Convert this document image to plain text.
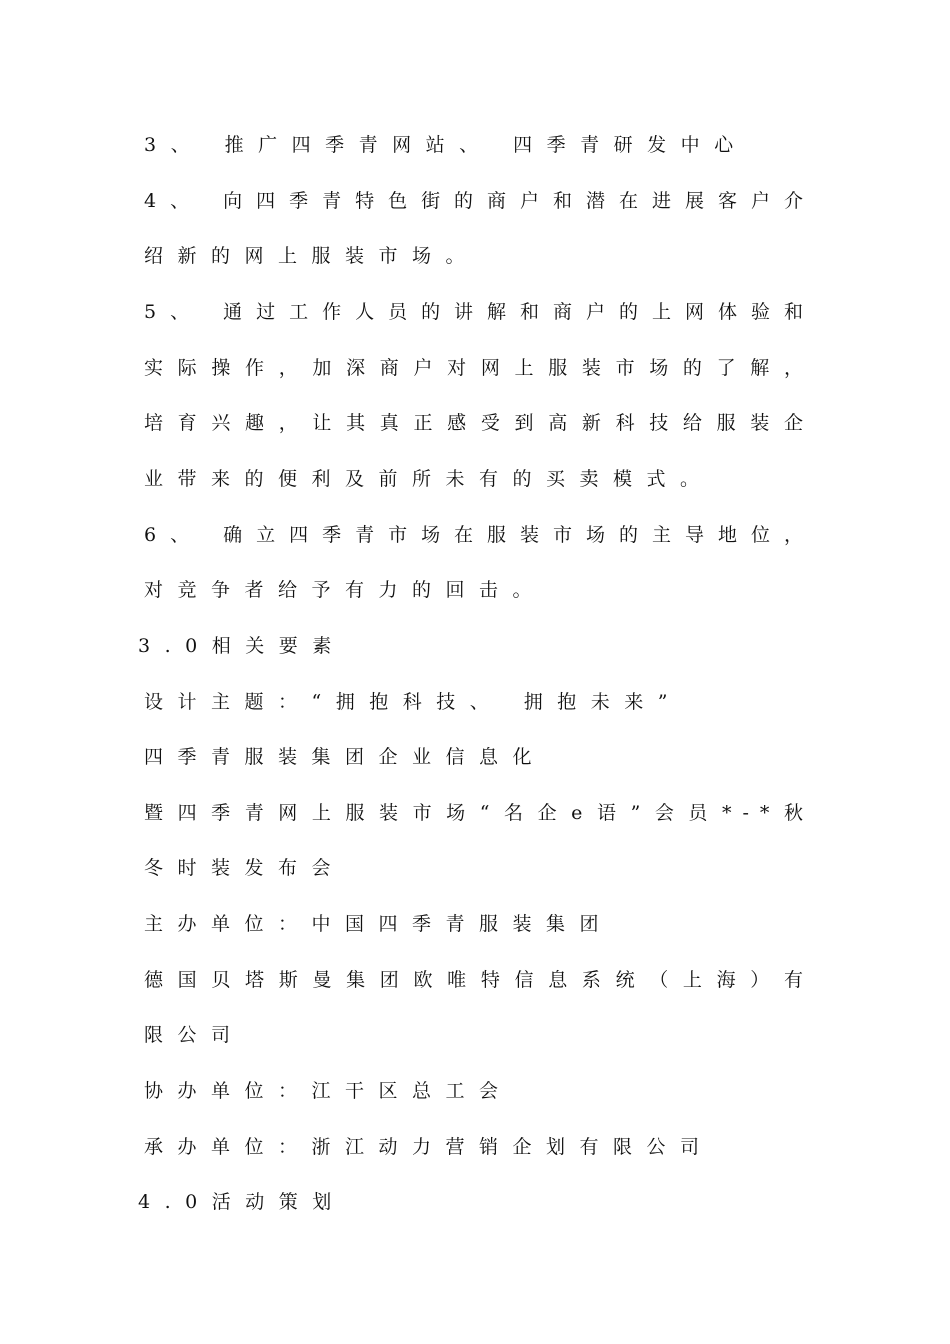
3、 推广四季青网站、 四季青研发中心
4、 向四季青特色街的商户和潜在进展客户介
绍新的网上服装市场。
5、 通过工作人员的讲解和商户的上网体验和
实际操作，加深商户对网上服装市场的了解，
培育兴趣，让其真正感受到高新科技给服装企
业带来的便利及前所未有的买卖模式。
6、 确立四季青市场在服装市场的主导地位，
对竞争者给予有力的回击。
3.0相关要素
设计主题：“拥抱科技、 拥抱未来”
四季青服装集团企业信息化
暨四季青网上服装市场“名企e语”会员*-*秋
冬时装发布会
主办单位：中国四季青服装集团
德国贝塔斯曼集团欧唯特信息系统（上海）有
限公司
协办单位：江干区总工会
承办单位：浙江动力营销企划有限公司
4.0活动策划
